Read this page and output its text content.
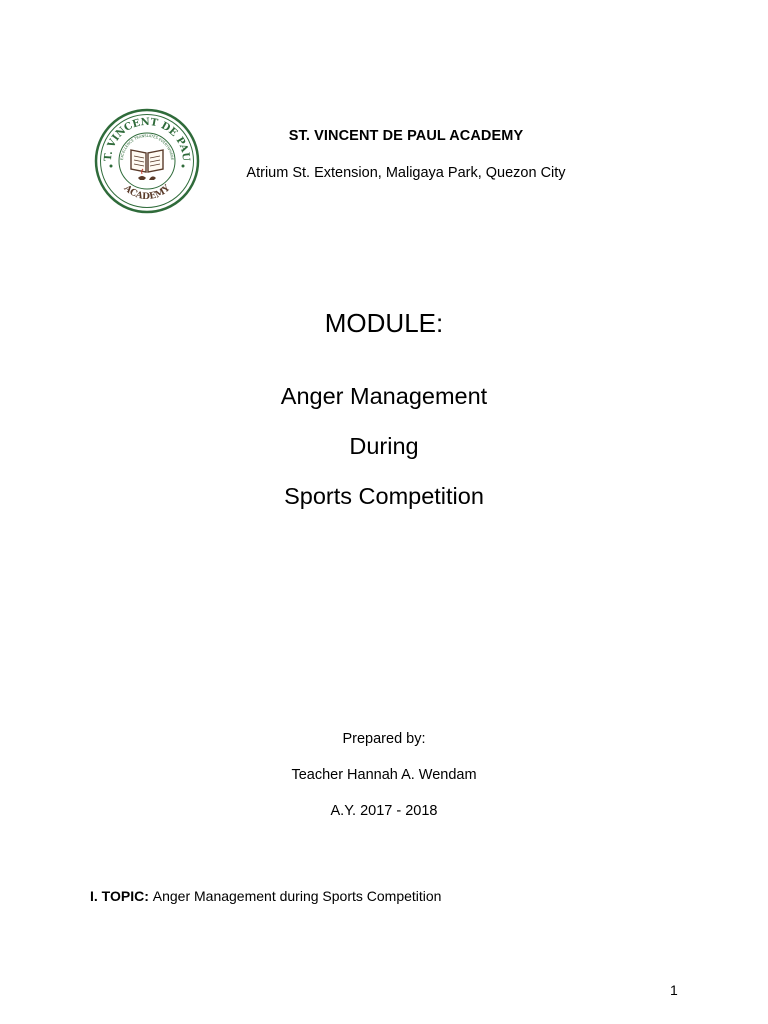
T. VINCENT DE PAU
ACADEMY
EXCELLENCE TRANSLATES EVERYWHERE
ST. VINCENT DE PAUL ACADEMY
Atrium St. Extension, Maligaya Park, Quezon City
MODULE:
Anger Management
During
Sports Competition
Prepared by:
Teacher Hannah A. Wendam
A.Y. 2017 - 2018
I. TOPIC: Anger Management during Sports Competition
1
